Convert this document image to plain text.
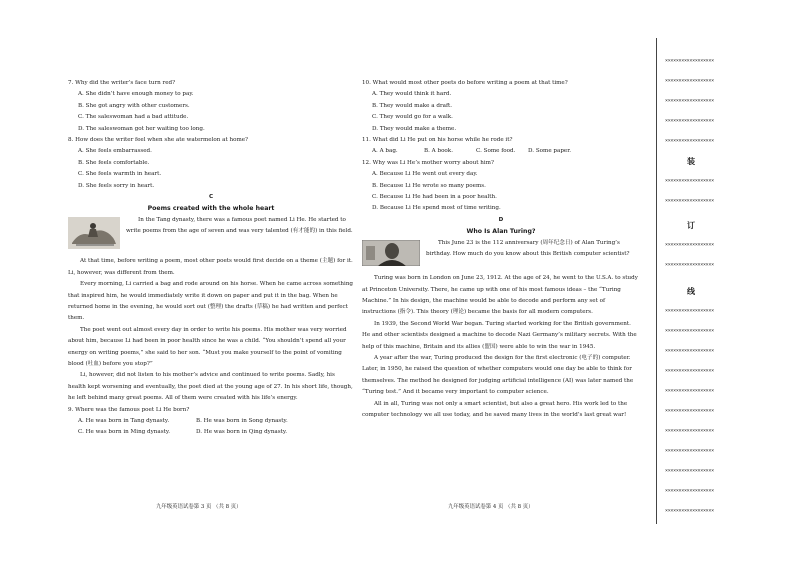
7. Why did the writer’s face turn red?

A. She didn’t have enough money to pay.

B. She got angry with other customers.

C. The saleswoman had a bad attitude.

D. The saleswoman got her waiting too long.

8. How does the writer feel when she ate watermelon at home?

A. She feels embarrassed.

B. She feels comfortable.

C. She feels warmth in heart.

D. She feels sorry in heart.

C

Poems created with the whole heart

In the Tang dynasty, there was a famous poet named Li He. He started to write poems from the age of seven and was very talented (有才能的) in this field.

At that time, before writing a poem, most other poets would first decide on a theme (主题) for it. Li, however, was different from them.

Every morning, Li carried a bag and rode around on his horse. When he came across something that inspired him, he would immediately write it down on paper and put it in the bag. When he returned home in the evening, he would sort out (整理) the drafts (草稿) he had written and perfect them.

The poet went out almost every day in order to write his poems. His mother was very worried about him, because Li had been in poor health since he was a child. “You shouldn’t spend all your energy on writing poems,” she said to her son. “Must you make yourself to the point of vomiting blood (吐血) before you stop?”

Li, however, did not listen to his mother’s advice and continued to write poems. Sadly, his health kept worsening and eventually, the poet died at the young age of 27. In his short life, though, he left behind many great poems. All of them were created with his life’s energy.

9. Where was the famous poet Li He born?

A. He was born in Tang dynasty.	B. He was born in Song dynasty.
C. He was born in Ming dynasty.	D. He was born in Qing dynasty.
九年级英语试卷第 3 页 （共 8 页）

10. What would most other poets do before writing a poem at that time?

A. They would think it hard.

B. They would make a draft.

C. They would go for a walk.

D. They would make a theme.

11. What did Li He put on his horse while he rode it?

A. A bag.	B. A book.	C. Some food.	D. Some paper.

12. Why was Li He’s mother worry about him?

A. Because Li He went out every day.

B. Because Li He wrote so many poems.

C. Because Li He had been in a poor health.

D. Because Li He spend most of time writing.

D

Who Is Alan Turing?

This June 23 is the 112 anniversary (周年纪念日) of Alan Turing’s birthday. How much do you know about this British computer scientist?

Turing was born in London on June 23, 1912. At the age of 24, he went to the U.S.A. to study at Princeton University. There, he came up with one of his most famous ideas – the “Turing Machine.” In his design, the machine would be able to decode and perform any set of instructions (指令). This theory (理论) became the basis for all modern computers.

In 1939, the Second World War began. Turing started working for the British government. He and other scientists designed a machine to decode Nazi Germany’s military secrets. With the help of this machine, Britain and its allies (盟国) were able to win the war in 1945.

A year after the war, Turing produced the design for the first electronic (电子的) computer. Later, in 1950, he raised the question of whether computers would one day be able to think for themselves. The method he designed for judging artificial intelligence (AI) was later named the “Turing test.” And it became very important to computer science.

All in all, Turing was not only a smart scientist, but also a great hero. His work led to the computer technology we all use today, and he saved many lives in the world’s last great war!

九年级英语试卷第 4 页 （共 8 页）
××××××××××××××××××
××××××××××××××××××
××××××××××××××××××
××××××××××××××××××
××××××××××××××××××
装
××××××××××××××××××
××××××××××××××××××
订
××××××××××××××××××
××××××××××××××××××
线
××××××××××××××××××
××××××××××××××××××
××××××××××××××××××
××××××××××××××××××
××××××××××××××××××
××××××××××××××××××
××××××××××××××××××
××××××××××××××××××
××××××××××××××××××
××××××××××××××××××
××××××××××××××××××
